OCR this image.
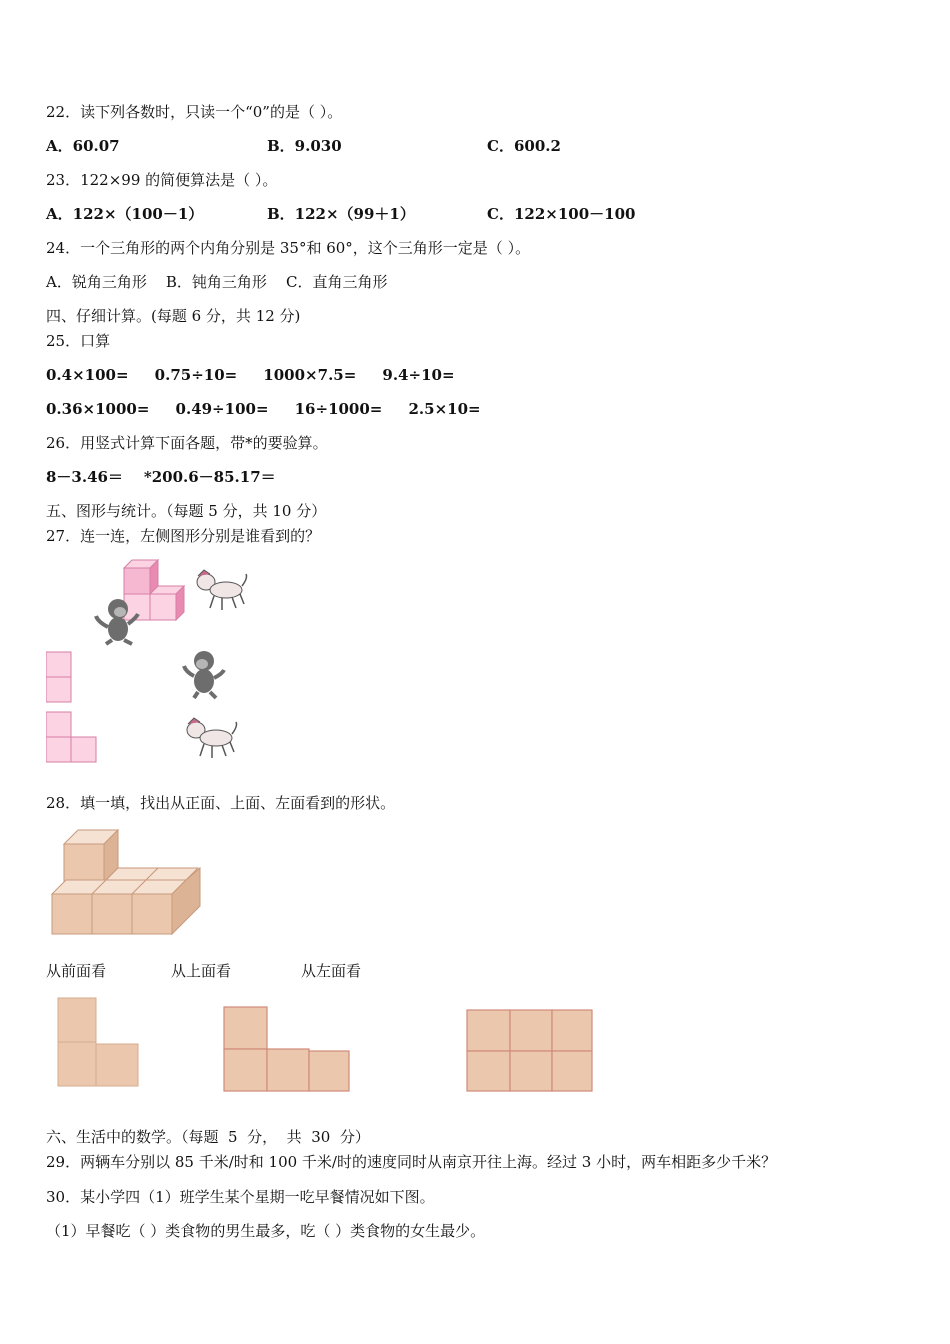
22．读下列各数时，只读一个“0”的是（ ）。
A．60.07	B．9.030	C．600.2
23．122×99 的简便算法是（ ）。
A．122×（100－1）	B．122×（99＋1）	C．122×100－100
24．一个三角形的两个内角分别是 35°和 60°，这个三角形一定是（ ）。
A．锐角三角形    B．钝角三角形    C．直角三角形
四、仔细计算。(每题 6 分，共 12 分)
25．口算
0.4×100=     0.75÷10=     1000×7.5=     9.4÷10=
0.36×1000=     0.49÷100=     16÷1000=     2.5×10=
26．用竖式计算下面各题，带*的要验算。
8－3.46＝    *200.6－85.17＝
五、图形与统计。（每题 5 分，共 10 分）
27．连一连，左侧图形分别是谁看到的？
28．填一填，找出从正面、上面、左面看到的形状。
从前面看	从上面看	从左面看
六、生活中的数学。（每题  5  分，  共  30  分）
29．两辆车分别以 85 千米/时和 100 千米/时的速度同时从南京开往上海。经过 3 小时，两车相距多少千米？
30．某小学四（1）班学生某个星期一吃早餐情况如下图。
（1）早餐吃（ ）类食物的男生最多，吃（ ）类食物的女生最少。
